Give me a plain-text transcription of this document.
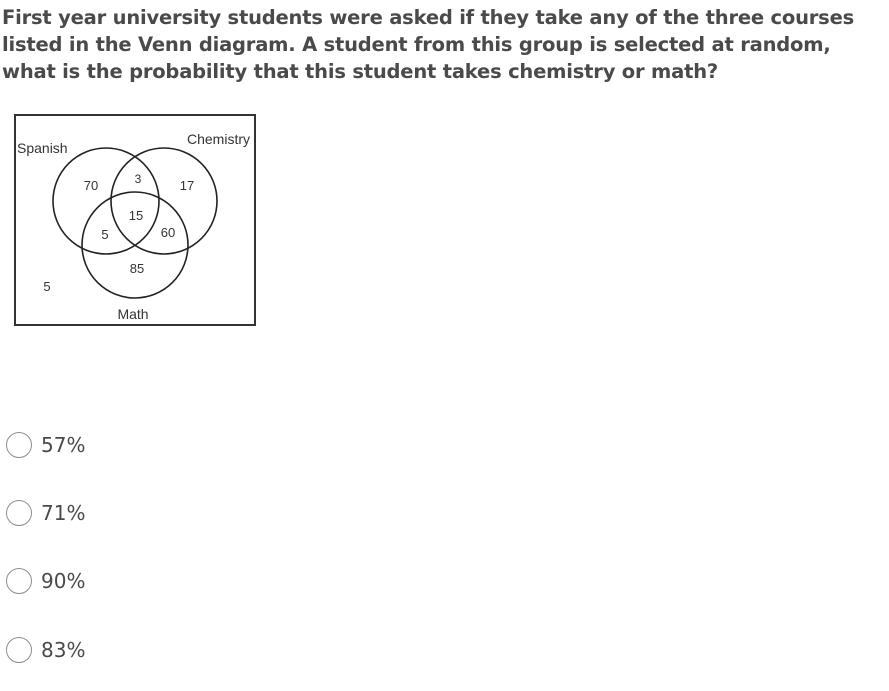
First year university students were asked if they take any of the three courses listed in the Venn diagram. A student from this group is selected at random, what is the probability that this student takes chemistry or math?

Spanish
Chemistry
Math
70	3	17
15
5	60
85
5
57%
71%
90%
83%
